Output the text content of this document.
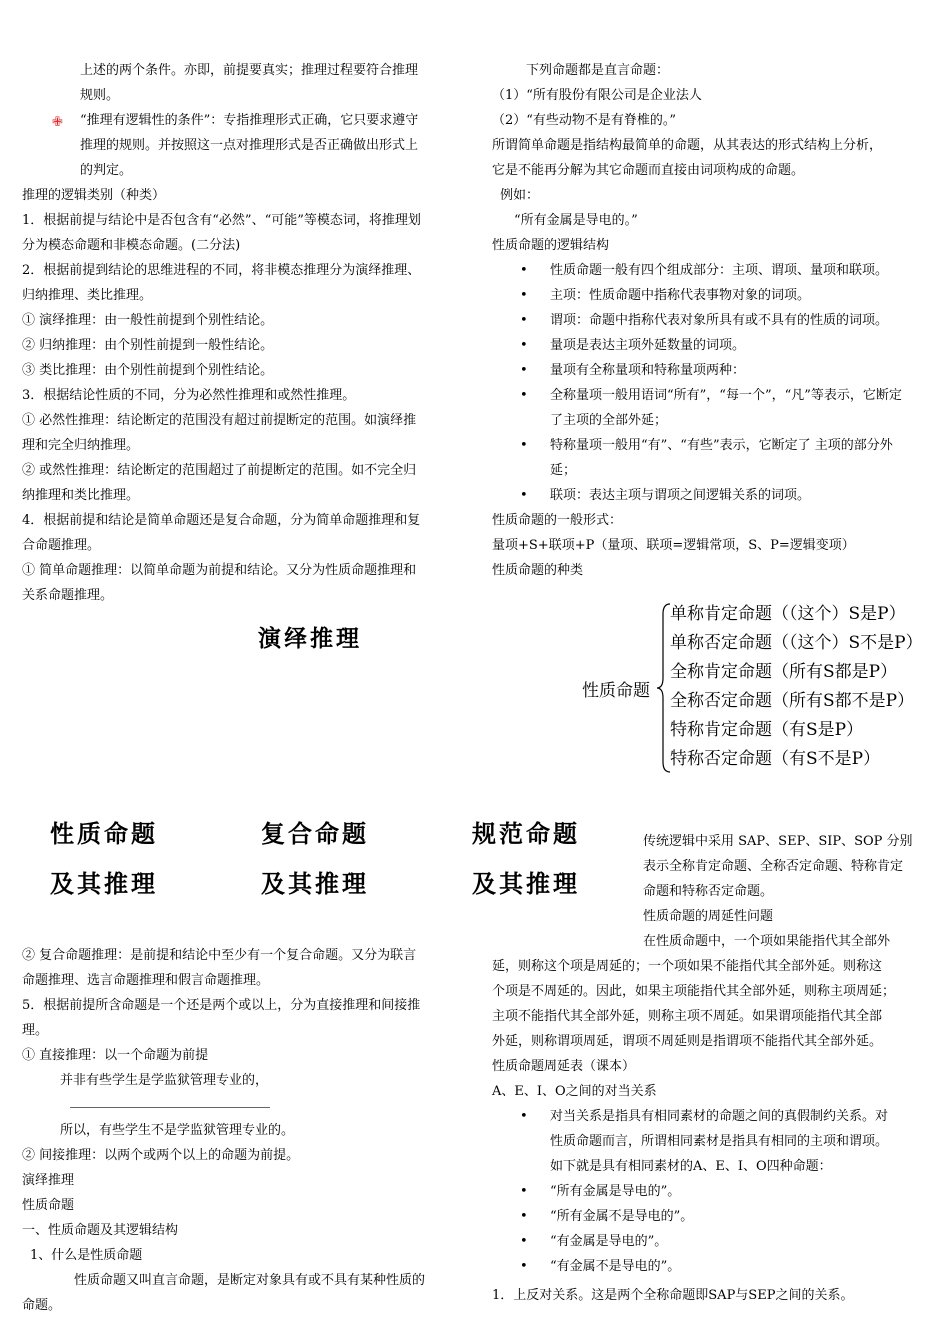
上述的两个条件。亦即，前提要真实；推理过程要符合推理

规则。

✙ “推理有逻辑性的条件”：专指推理形式正确，它只要求遵守

推理的规则。并按照这一点对推理形式是否正确做出形式上

的判定。

推理的逻辑类别（种类）

1．根据前提与结论中是否包含有“必然”、“可能”等模态词，将推理划

分为模态命题和非模态命题。(二分法)

2．根据前提到结论的思维进程的不同，将非模态推理分为演绎推理、

归纳推理、类比推理。

① 演绎推理：由一般性前提到个别性结论。

② 归纳推理：由个别性前提到一般性结论。

③ 类比推理：由个别性前提到个别性结论。

3．根据结论性质的不同，分为必然性推理和或然性推理。

① 必然性推理：结论断定的范围没有超过前提断定的范围。如演绎推

理和完全归纳推理。

② 或然性推理：结论断定的范围超过了前提断定的范围。如不完全归

纳推理和类比推理。

4．根据前提和结论是简单命题还是复合命题，分为简单命题推理和复

合命题推理。

① 简单命题推理：以简单命题为前提和结论。又分为性质命题推理和

关系命题推理。

下列命题都是直言命题：

（1）“所有股份有限公司是企业法人

（2）“有些动物不是有脊椎的。”

所谓简单命题是指结构最简单的命题，从其表达的形式结构上分析，

它是不能再分解为其它命题而直接由词项构成的命题。

例如：

“所有金属是导电的。”

性质命题的逻辑结构

• 性质命题一般有四个组成部分：主项、谓项、量项和联项。
• 主项：性质命题中指称代表事物对象的词项。
• 谓项：命题中指称代表对象所具有或不具有的性质的词项。
• 量项是表达主项外延数量的词项。
• 量项有全称量项和特称量项两种：
• 全称量项一般用语词“所有”，“每一个”，“凡”等表示，它断定
了主项的全部外延；
• 特称量项一般用“有”、“有些”表示，它断定了 主项的部分外
延；
• 联项：表达主项与谓项之间逻辑关系的词项。

性质命题的一般形式：

量项+S+联项+P（量项、联项=逻辑常项，S、P=逻辑变项）

性质命题的种类

演绎推理
性质命题
单称肯定命题（（这个）S是P）
单称否定命题（（这个）S不是P）
全称肯定命题（所有S都是P）
全称否定命题（所有S都不是P）
特称肯定命题（有S是P）
特称否定命题（有S不是P）
性质命题
及其推理
复合命题
及其推理
规范命题
及其推理

传统逻辑中采用 SAP、SEP、SIP、SOP 分别

表示全称肯定命题、全称否定命题、特称肯定

命题和特称否定命题。

性质命题的周延性问题

② 复合命题推理：是前提和结论中至少有一个复合命题。又分为联言

命题推理、选言命题推理和假言命题推理。

5．根据前提所含命题是一个还是两个或以上，分为直接推理和间接推

理。

① 直接推理：以一个命题为前提

并非有些学生是学监狱管理专业的，

所以，有些学生不是学监狱管理专业的。

② 间接推理：以两个或两个以上的命题为前提。

演绎推理

性质命题

一、性质命题及其逻辑结构

1、什么是性质命题

性质命题又叫直言命题，是断定对象具有或不具有某种性质的

命题。

在性质命题中，一个项如果能指代其全部外

延，则称这个项是周延的；一个项如果不能指代其全部外延。则称这

个项是不周延的。因此，如果主项能指代其全部外延，则称主项周延；

主项不能指代其全部外延，则称主项不周延。如果谓项能指代其全部

外延，则称谓项周延，谓项不周延则是指谓项不能指代其全部外延。

性质命题周延表（课本）

A、E、I、O之间的对当关系

• 对当关系是指具有相同素材的命题之间的真假制约关系。对
性质命题而言，所谓相同素材是指具有相同的主项和谓项。
如下就是具有相同素材的A、E、I、O四种命题：
• “所有金属是导电的”。
• “所有金属不是导电的”。
• “有金属是导电的”。
• “有金属不是导电的”。

1．上反对关系。这是两个全称命题即SAP与SEP之间的关系。
